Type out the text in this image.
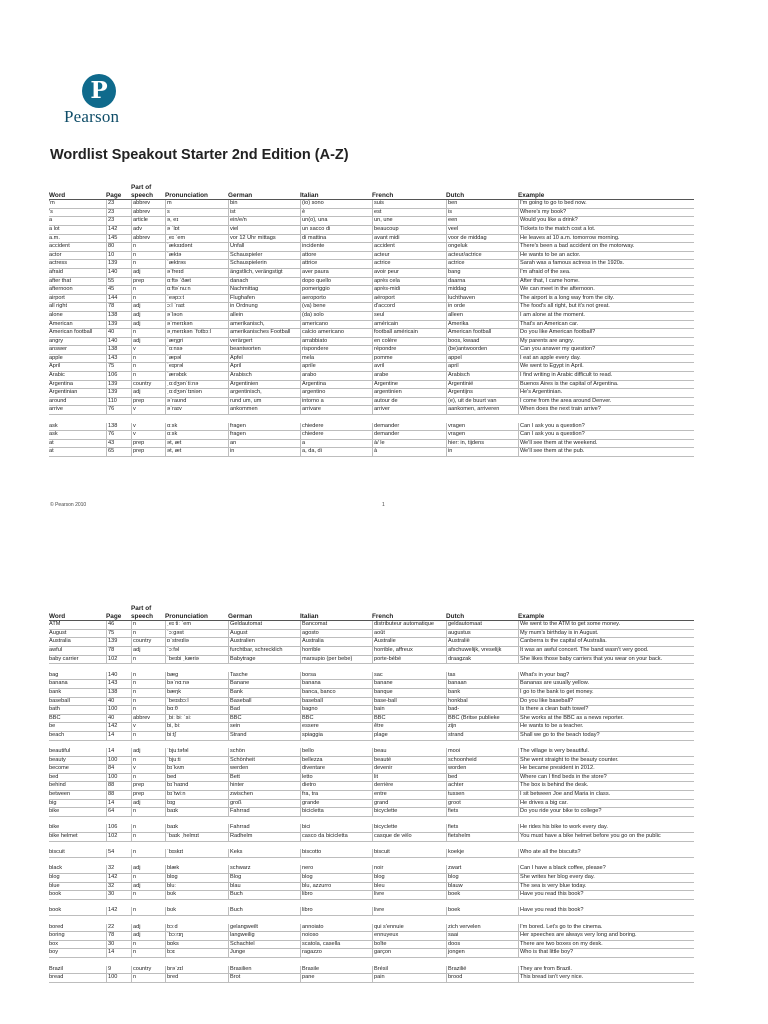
P
Pearson
Wordlist Speakout Starter 2nd Edition (A-Z)

Word
	Page
Part of
speech
	Pronunciation
	German
	Italian
	French
	Dutch
	Example
'm	23	abbrev	m	bin	(io) sono	suis	ben	I'm going to go to bed now.
's	23	abbrev	s	ist	è	est	is	Where's my book?
a	23	article	ə, eɪ	ein/e/n	un(o), una	un, une	een	Would you like a drink?
a lot	142	adv	ə ˈlɒt	viel	un sacco di	beaucoup	veel	Tickets to the match cost a lot.
a.m.	145	abbrev	ˌeɪ ˈem	vor 12 Uhr mittags	di mattina	avant midi	voor de middag	He leaves at 10 a.m. tomorrow morning.
accident	80	n	ˈæksɪdənt	Unfall	incidente	accident	ongeluk	There's been a bad accident on the motorway.
actor	10	n	ˈæktə	Schauspieler	attore	acteur	acteur/actrice	He wants to be an actor.
actress	139	n	ˈæktrəs	Schauspielerin	attrice	actrice	actrice	Sarah was a famous actress in the 1920s.
afraid	140	adj	əˈfreɪd	ängstlich, verängstigt	aver paura	avoir peur	bang	I'm afraid of the sea.
after that	55	prep	ɑːftə ˈðæt	danach	dopo quello	après cela	daarna	After that, I came home.
afternoon	45	n	ɑːftəˈnuːn	Nachmittag	pomeriggio	après-midi	middag	We can meet in the afternoon.
airport	144	n	ˈeəpɔːt	Flughafen	aeroporto	aéroport	luchthaven	The airport is a long way from the city.
all right	78	adj	ɔːl ˈraɪt	in Ordnung	(va) bene	d'accord	in orde	The food's all right, but it's not great.
alone	138	adj	əˈləʊn	allein	(da) solo	seul	alleen	I am alone at the moment.
American	139	adj	əˈmerɪkən	amerikanisch,	americano	américain	Amerika	That's an American car.
American football	40	n	əˌmerɪkən ˈfʊtbɔːl	amerikanisches Football	calcio americano	football américain	American football	Do you like American football?
angry	140	adj	ˈæŋgri	verärgert	arrabbiato	en colère	boos, kwaad	My parents are angry.
answer	138	v	ˈɑːnsə	beantworten	rispondere	répondre	(be)antwoorden	Can you answer my question?
apple	143	n	ˈæpəl	Apfel	mela	pomme	appel	I eat an apple every day.
April	75	n	ˈeɪprəl	April	aprile	avril	april	We went to Egypt in April.
Arabic	106	n	ˈærəbɪk	Arabisch	arabo	arabe	Arabisch	I find writing in Arabic difficult to read.
Argentina	139	country	ˌɑːdʒənˈtiːnə	Argentinien	Argentina	Argentine	Argentinië	Buenos Aires is the capital of Argentina.
Argentinian	139	adj	ˌɑːdʒənˈtɪniən	argentinisch,	argentino	argentinien	Argentijns	He's Argentinian.
around	110	prep	əˈraʊnd	rund um, um	intorno a	autour de	(e), uit de buurt van	I come from the area around Denver.
arrive	76	v	əˈraɪv	ankommen	arrivare	arriver	aankomen, arriveren	When does the next train arrive?
ask	138	v	ɑːsk	fragen	chiedere	demander	vragen	Can I ask you a question?
ask	76	v	ɑːsk	fragen	chiedere	demander	vragen	Can I ask you a question?
at	43	prep	ət, æt	an	a	à/ le	hier: in, tijdens	We'll see them at the weekend.
at	65	prep	ət, æt	in	a, da, di	à	in	We'll see them at the pub.
© Pearson 2010	1

Word
	Page
Part of
speech
	Pronunciation
	German
	Italian
	French
	Dutch
	Example
ATM	46	n	ˌeɪ tiː ˈem	Geldautomat	Bancomat	distributeur automatique	geldautomaat	We went to the ATM to get some money.
August	75	n	ˈɔːgəst	August	agosto	août	augustus	My mum's birthday is in August.
Australia	139	country	ɒˈstreɪliə	Australien	Australia	Australie	Australië	Canberra is the capital of Australia.
awful	78	adj	ˈɔːfəl	furchtbar, schrecklich	horrible	horrible, affreux	afschuwelijk, vreselijk	It was an awful concert. The band wasn't very good.
baby carrier	102	n	ˈbeɪbi ˌkæriə	Babytrage	marsupio (per bebe)	porte-bébé	draagzak	She likes those baby carriers that you wear on your back.
bag	140	n	bæg	Tasche	borsa	sac	tas	What's in your bag?
banana	143	n	bəˈnɑːnə	Banane	banana	banane	banaan	Bananas are usually yellow.
bank	138	n	bæŋk	Bank	banca, banco	banque	bank	I go to the bank to get money.
baseball	40	n	ˈbeɪsbɔːl	Baseball	baseball	base-ball	honkbal	Do you like baseball?
bath	100	n	bɑːθ	Bad	bagno	bain	bad-	Is there a clean bath towel?
BBC	40	abbrev	ˌbiː biː ˈsiː	BBC	BBC	BBC	BBC (Britse publieke	She works at the BBC as a news reporter.
be	142	v	bi, biː	sein	essere	être	zijn	He wants to be a teacher.
beach	14	n	biːtʃ	Strand	spiaggia	plage	strand	Shall we go to the beach today?
beautiful	14	adj	ˈbjuːtəfəl	schön	bello	beau	mooi	The village is very beautiful.
beauty	100	n	ˈbjuːti	Schönheit	bellezza	beauté	schoonheid	She went straight to the beauty counter.
become	84	v	bɪˈkʌm	werden	diventare	devenir	worden	He became president in 2012.
bed	100	n	bed	Bett	letto	lit	bed	Where can I find beds in the store?
behind	88	prep	bɪˈhaɪnd	hinter	dietro	derrière	achter	The box is behind the desk.
between	88	prep	bɪˈtwiːn	zwischen	fra, tra	entre	tussen	I sit between Joe and Maria in class.
big	14	adj	bɪg	groß	grande	grand	groot	He drives a big car.
bike	64	n	baɪk	Fahrrad	bicicletta	bicyclette	fiets	Do you ride your bike to college?
bike	106	n	baɪk	Fahrrad	bici	bicyclette	fiets	He rides his bike to work every day.
bike helmet	102	n	ˈbaɪk ˌhelmɪt	Radhelm	casco da bicicletta	casque de vélo	fietshelm	You must have a bike helmet before you go on the public
biscuit	54	n	ˈbɪskɪt	Keks	biscotto	biscuit	koekje	Who ate all the biscuits?
black	32	adj	blæk	schwarz	nero	noir	zwart	Can I have a black coffee, please?
blog	142	n	blɒg	Blog	blog	blog	blog	She writes her blog every day.
blue	32	adj	bluː	blau	blu, azzurro	bleu	blauw	The sea is very blue today.
book	30	n	bʊk	Buch	libro	livre	boek	Have you read this book?
book	142	n	bʊk	Buch	libro	livre	boek	Have you read this book?
bored	22	adj	bɔːd	gelangweilt	annoiato	qui s'ennuie	zich vervelen	I'm bored. Let's go to the cinema.
boring	78	adj	ˈbɔːrɪŋ	langweilig	noioso	ennuyeux	saai	Her speeches are always very long and boring.
box	30	n	bɒks	Schachtel	scatola, casella	boîte	doos	There are two boxes on my desk.
boy	14	n	bɔɪ	Junge	ragazzo	garçon	jongen	Who is that little boy?
Brazil	9	country	brəˈzɪl	Brasilien	Brasile	Brésil	Brazilië	They are from Brazil.
bread	100	n	bred	Brot	pane	pain	brood	This bread isn't very nice.
